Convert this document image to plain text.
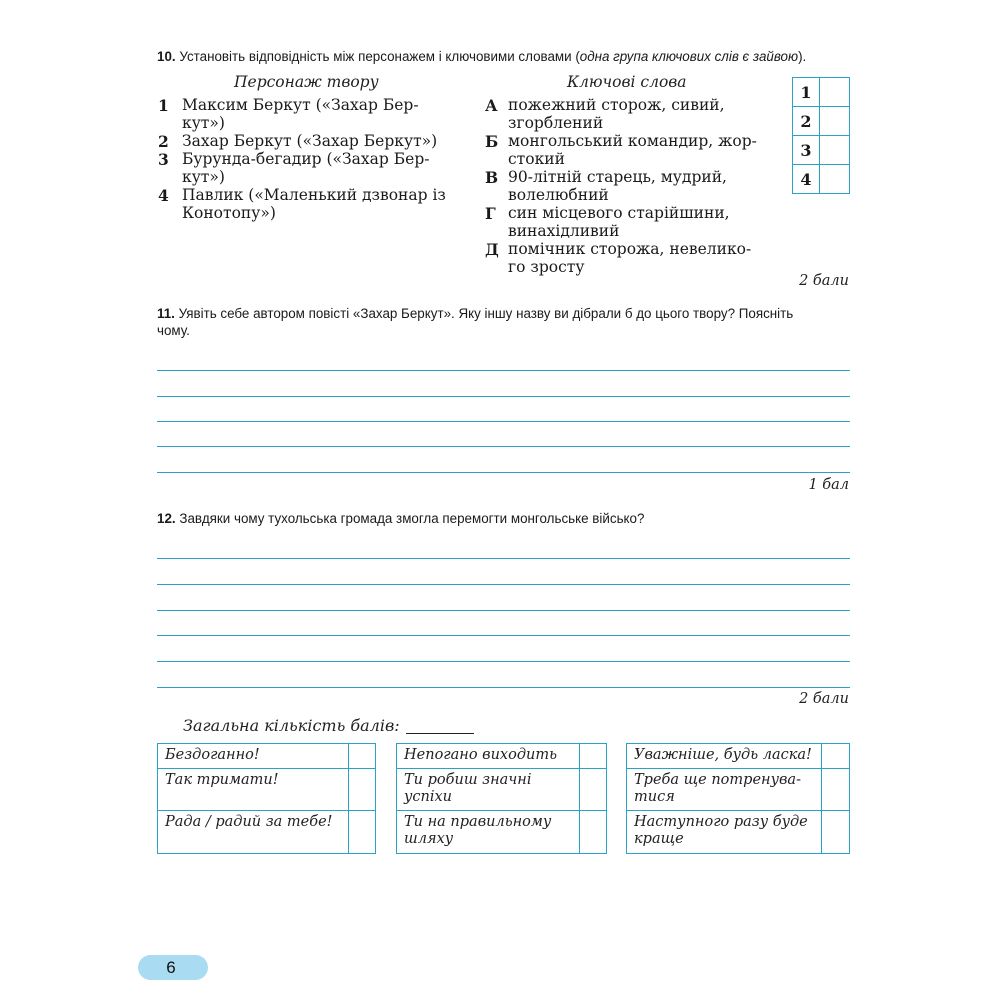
10. Установіть відповідність між персонажем і ключовими словами (одна група ключових слів є зайвою).
Персонаж твору	Ключові слова
1 Максим Беркут («Захар Бер-
кут»)
2 Захар Беркут («Захар Беркут»)
3 Бурунда-бегадир («Захар Бер-
кут»)
4 Павлик («Маленький дзвонар із
Конотопу»)
А пожежний сторож, сивий,
згорблений
Б монгольський командир, жор-
стокий
В 90-літній старець, мудрий,
волелюбний
Г син місцевого старійшини,
винахідливий
Д помічник сторожа, невелико-
го зросту
1
2
3
4
2 бали
11. Уявіть себе автором повісті «Захар Беркут». Яку іншу назву ви дібрали б до цього твору? Поясніть
чому.
1 бал
12. Завдяки чому тухольська громада змогла перемогти монгольське військо?
2 бали
Загальна кількість балів:
Бездоганно!
Так тримати!
Рада / радий за тебе!
Непогано виходить
Ти робиш значні
успіхи
Ти на правильному
шляху
Уважніше, будь ласка!
Треба ще потренува-
тися
Наступного разу буде
краще
6
